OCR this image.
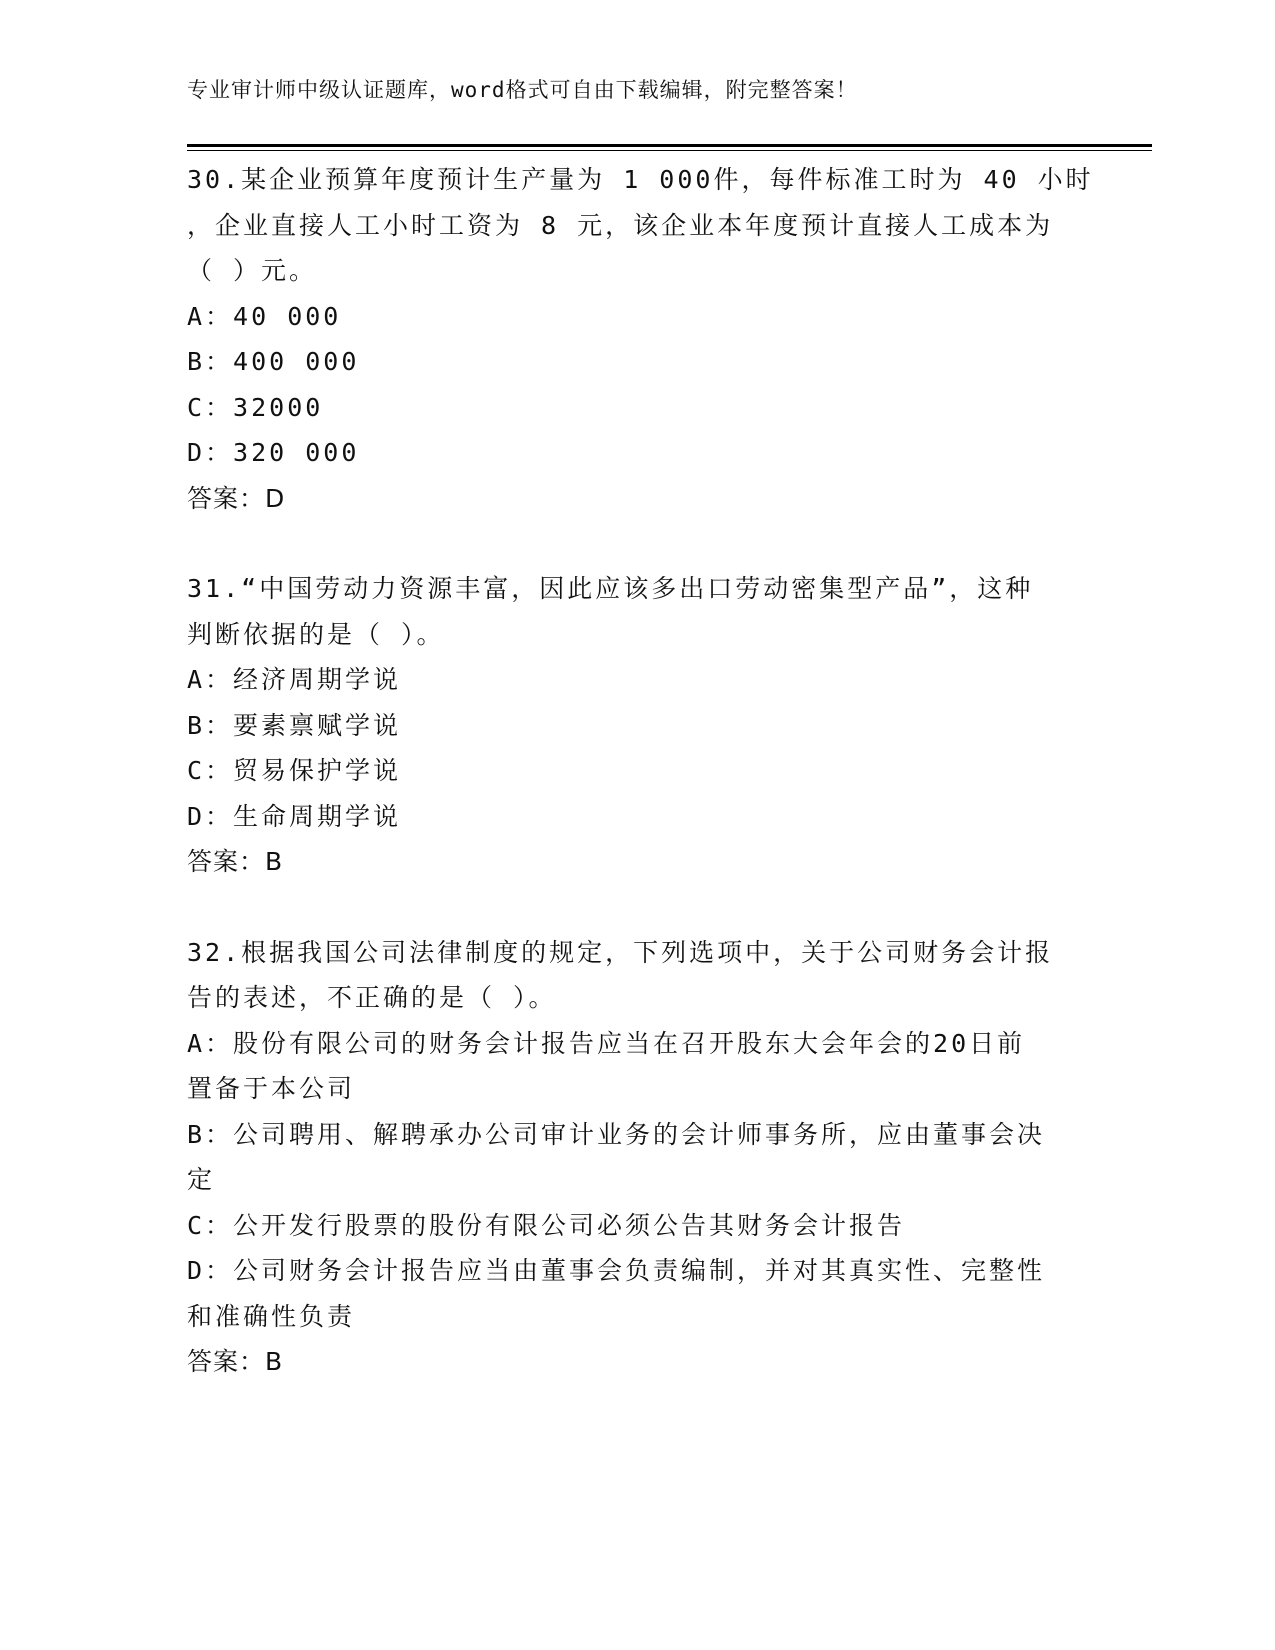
专业审计师中级认证题库，word格式可自由下载编辑，附完整答案！

30.某企业预算年度预计生产量为 1 000件，每件标准工时为 40 小时

，企业直接人工小时工资为 8 元，该企业本年度预计直接人工成本为

（ ）元。

A：40 000

B：400 000

C：32000

D：320 000

答案：D

31.“中国劳动力资源丰富，因此应该多出口劳动密集型产品”，这种

判断依据的是（ ）。

A：经济周期学说

B：要素禀赋学说

C：贸易保护学说

D：生命周期学说

答案：B

32.根据我国公司法律制度的规定，下列选项中，关于公司财务会计报

告的表述，不正确的是（ ）。

A：股份有限公司的财务会计报告应当在召开股东大会年会的20日前

置备于本公司

B：公司聘用、解聘承办公司审计业务的会计师事务所，应由董事会决

定

C：公开发行股票的股份有限公司必须公告其财务会计报告

D：公司财务会计报告应当由董事会负责编制，并对其真实性、完整性

和准确性负责

答案：B
